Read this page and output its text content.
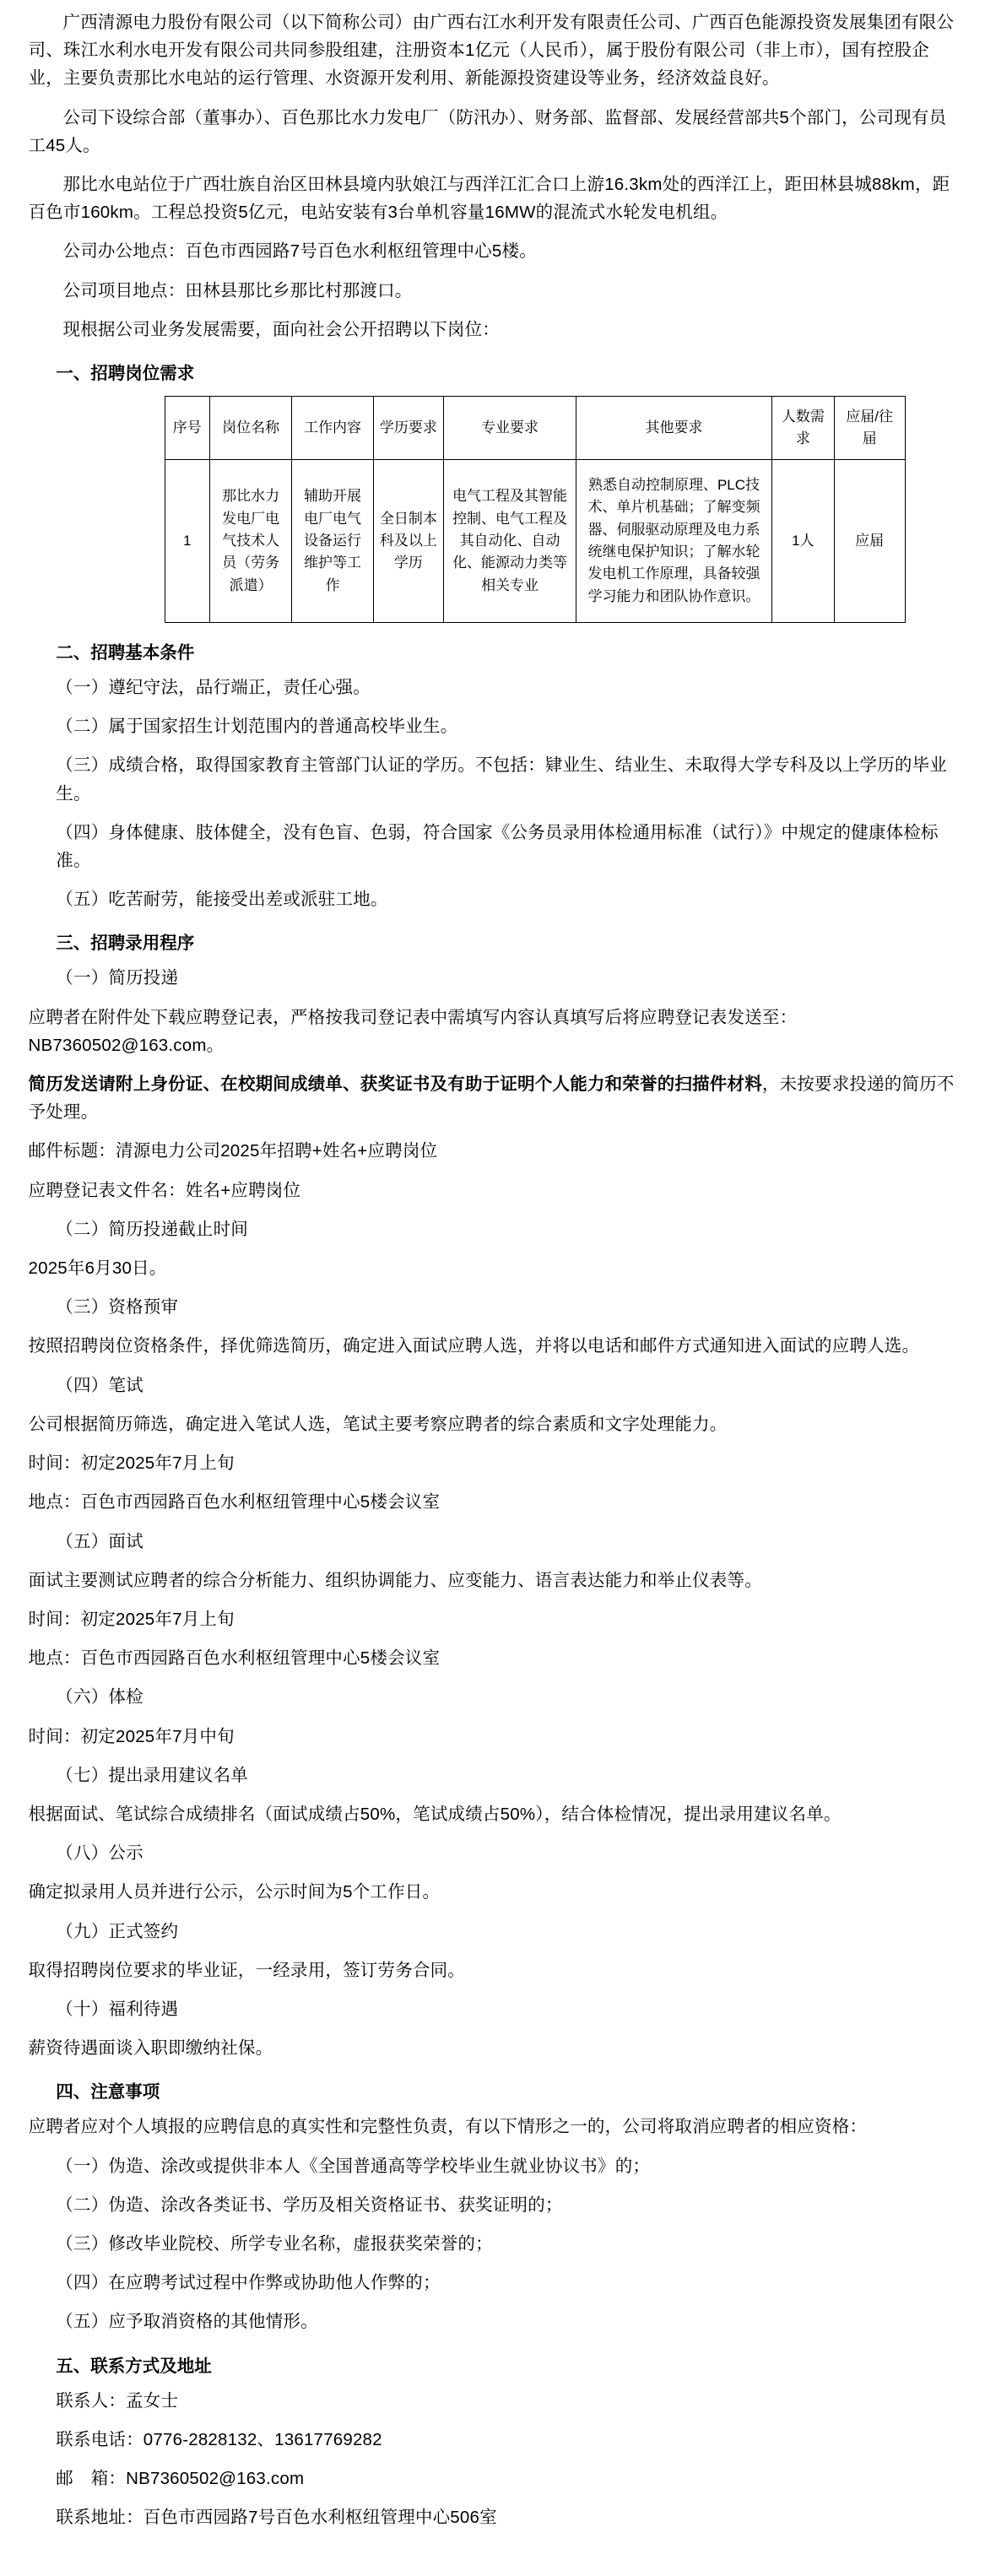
广西清源电力股份有限公司（以下简称公司）由广西右江水利开发有限责任公司、广西百色能源投资发展集团有限公司、珠江水利水电开发有限公司共同参股组建，注册资本1亿元（人民币），属于股份有限公司（非上市），国有控股企业，主要负责那比水电站的运行管理、水资源开发利用、新能源投资建设等业务，经济效益良好。

公司下设综合部（董事办）、百色那比水力发电厂（防汛办）、财务部、监督部、发展经营部共5个部门，公司现有员工45人。

那比水电站位于广西壮族自治区田林县境内驮娘江与西洋江汇合口上游16.3km处的西洋江上，距田林县城88km，距百色市160km。工程总投资5亿元，电站安装有3台单机容量16MW的混流式水轮发电机组。

公司办公地点：百色市西园路7号百色水利枢纽管理中心5楼。

公司项目地点：田林县那比乡那比村那渡口。

现根据公司业务发展需要，面向社会公开招聘以下岗位：

一、招聘岗位需求
序号	岗位名称	工作内容	学历要求	专业要求	其他要求	人数需求	应届/往届
1	那比水力发电厂电气技术人员（劳务派遣）	辅助开展电厂电气设备运行维护等工作	全日制本科及以上学历	电气工程及其智能控制、电气工程及其自动化、自动化、能源动力类等相关专业	熟悉自动控制原理、PLC技术、单片机基础；了解变频器、伺服驱动原理及电力系统继电保护知识；了解水轮发电机工作原理，具备较强学习能力和团队协作意识。	1人	应届
二、招聘基本条件

（一）遵纪守法，品行端正，责任心强。

（二）属于国家招生计划范围内的普通高校毕业生。

（三）成绩合格，取得国家教育主管部门认证的学历。不包括：肄业生、结业生、未取得大学专科及以上学历的毕业生。

（四）身体健康、肢体健全，没有色盲、色弱，符合国家《公务员录用体检通用标准（试行）》中规定的健康体检标准。

（五）吃苦耐劳，能接受出差或派驻工地。

三、招聘录用程序

（一）简历投递

应聘者在附件处下载应聘登记表，严格按我司登记表中需填写内容认真填写后将应聘登记表发送至：NB7360502@163.com。

简历发送请附上身份证、在校期间成绩单、获奖证书及有助于证明个人能力和荣誉的扫描件材料，未按要求投递的简历不予处理。

邮件标题：清源电力公司2025年招聘+姓名+应聘岗位

应聘登记表文件名：姓名+应聘岗位

（二）简历投递截止时间

2025年6月30日。

（三）资格预审

按照招聘岗位资格条件，择优筛选简历，确定进入面试应聘人选，并将以电话和邮件方式通知进入面试的应聘人选。

（四）笔试

公司根据简历筛选，确定进入笔试人选，笔试主要考察应聘者的综合素质和文字处理能力。

时间：初定2025年7月上旬

地点：百色市西园路百色水利枢纽管理中心5楼会议室

（五）面试

面试主要测试应聘者的综合分析能力、组织协调能力、应变能力、语言表达能力和举止仪表等。

时间：初定2025年7月上旬

地点：百色市西园路百色水利枢纽管理中心5楼会议室

（六）体检

时间：初定2025年7月中旬

（七）提出录用建议名单

根据面试、笔试综合成绩排名（面试成绩占50%，笔试成绩占50%），结合体检情况，提出录用建议名单。

（八）公示

确定拟录用人员并进行公示，公示时间为5个工作日。

（九）正式签约

取得招聘岗位要求的毕业证，一经录用，签订劳务合同。

（十）福利待遇

薪资待遇面谈入职即缴纳社保。

四、注意事项

应聘者应对个人填报的应聘信息的真实性和完整性负责，有以下情形之一的，公司将取消应聘者的相应资格：

（一）伪造、涂改或提供非本人《全国普通高等学校毕业生就业协议书》的；

（二）伪造、涂改各类证书、学历及相关资格证书、获奖证明的；

（三）修改毕业院校、所学专业名称，虚报获奖荣誉的；

（四）在应聘考试过程中作弊或协助他人作弊的；

（五）应予取消资格的其他情形。

五、联系方式及地址

联系人：孟女士

联系电话：0776-2828132、13617769282

邮　箱：NB7360502@163.com

联系地址：百色市西园路7号百色水利枢纽管理中心506室
